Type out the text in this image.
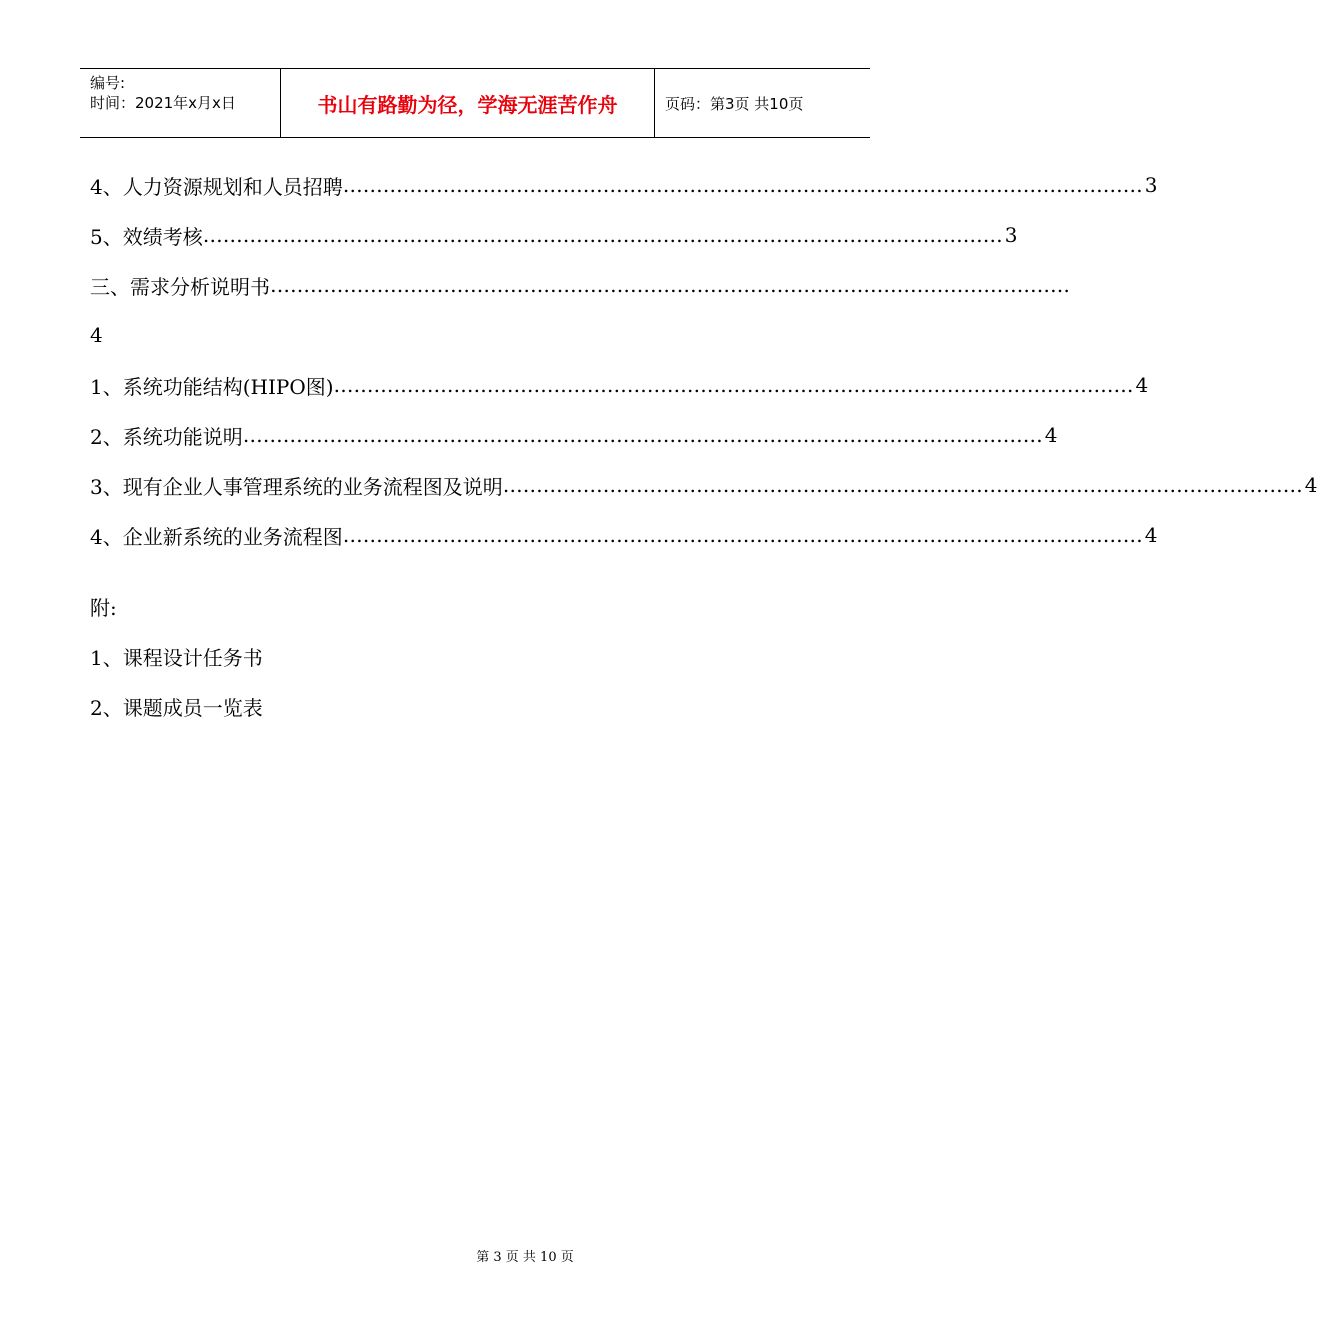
编号:
时间：2021年x月x日	书山有路勤为径，学海无涯苦作舟	页码：第3页 共10页
4、人力资源规划和人员招聘 ………………………………………………………………………………………………………… 3
5、效绩考核 ………………………………………………………………………………………………………… 3
三、需求分析说明书 …………………………………………………………………………………………………………
4
1、系统功能结构(HIPO图) ………………………………………………………………………………………………………… 4
2、系统功能说明 ………………………………………………………………………………………………………… 4
3、现有企业人事管理系统的业务流程图及说明 ………………………………………………………………………………………………………… 4
4、企业新系统的业务流程图 ………………………………………………………………………………………………………… 4
附:
1、课程设计任务书
2、课题成员一览表
第 3 页 共 10 页
